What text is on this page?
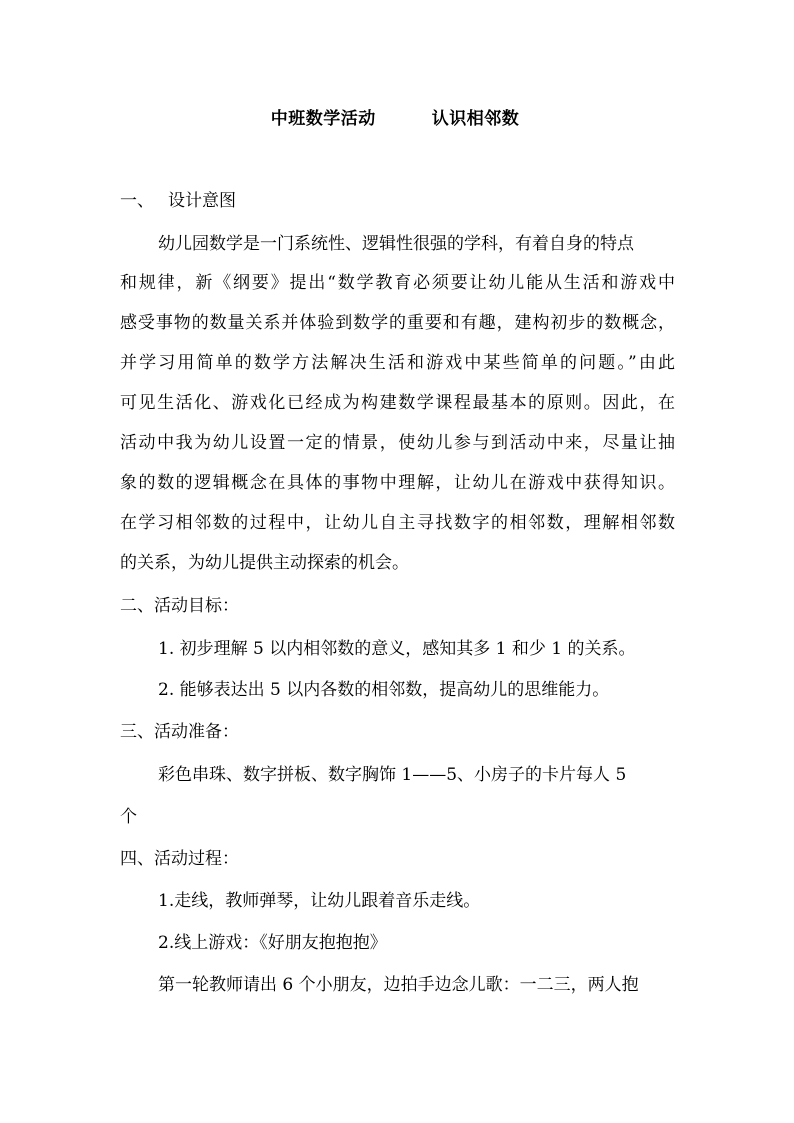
中班数学活动	认识相邻数
一、 设计意图
幼儿园数学是一门系统性、逻辑性很强的学科，有着自身的特点
和规律，新《纲要》提出“数学教育必须要让幼儿能从生活和游戏中
感受事物的数量关系并体验到数学的重要和有趣，建构初步的数概念，
并学习用简单的数学方法解决生活和游戏中某些简单的问题。”由此
可见生活化、游戏化已经成为构建数学课程最基本的原则。因此，在
活动中我为幼儿设置一定的情景，使幼儿参与到活动中来，尽量让抽
象的数的逻辑概念在具体的事物中理解，让幼儿在游戏中获得知识。
在学习相邻数的过程中，让幼儿自主寻找数字的相邻数，理解相邻数
的关系，为幼儿提供主动探索的机会。
二、活动目标：
1. 初步理解 5 以内相邻数的意义，感知其多 1 和少 1 的关系。
2. 能够表达出 5 以内各数的相邻数，提高幼儿的思维能力。
三、活动准备：
彩色串珠、数字拼板、数字胸饰 1——5、小房子的卡片每人 5
个
四、活动过程：
1.走线，教师弹琴，让幼儿跟着音乐走线。
2.线上游戏：《好朋友抱抱抱》
第一轮教师请出 6 个小朋友，边拍手边念儿歌：一二三，两人抱
